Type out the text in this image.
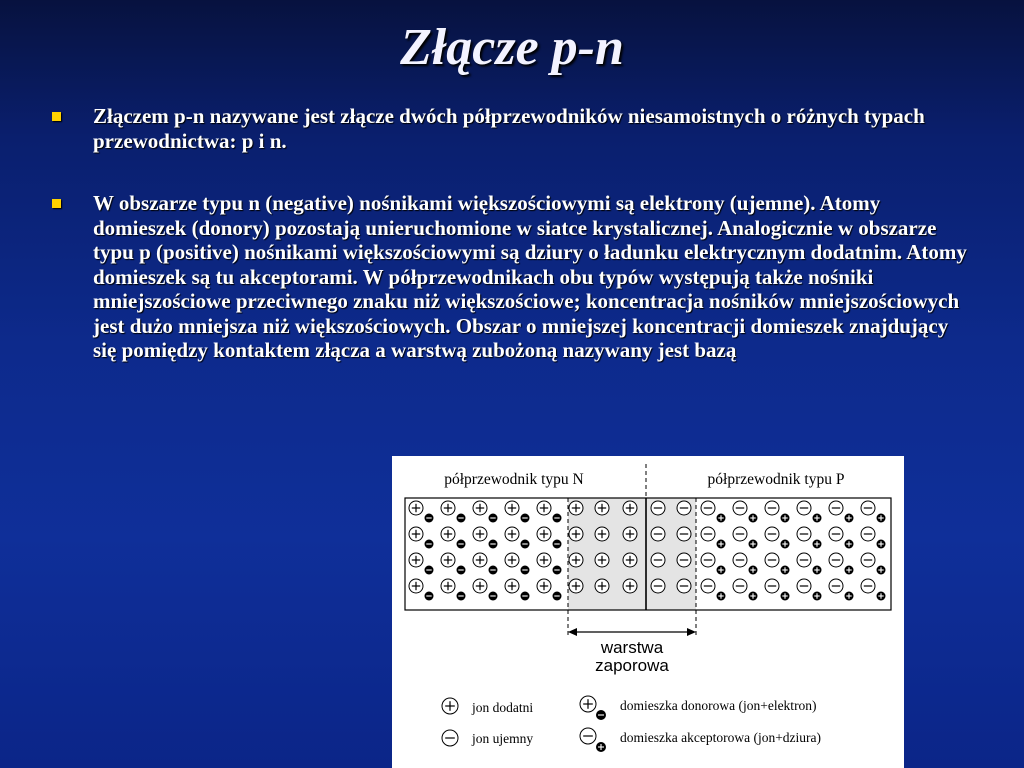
Złącze p-n
Złączem p-n nazywane jest złącze dwóch półprzewodników niesamoistnych o różnych typach przewodnictwa: p i n.
W obszarze typu n (negative) nośnikami większościowymi są elektrony (ujemne). Atomy domieszek (donory) pozostają unieruchomione w siatce krystalicznej. Analogicznie w obszarze typu p (positive) nośnikami większościowymi są dziury o ładunku elektrycznym dodatnim. Atomy domieszek są tu akceptorami. W półprzewodnikach obu typów występują także nośniki mniejszościowe przeciwnego znaku niż większościowe; koncentracja nośników mniejszościowych jest dużo mniejsza niż większościowych. Obszar o mniejszej koncentracji domieszek znajdujący się pomiędzy kontaktem złącza a warstwą zubożoną nazywany jest bazą
półprzewodnik typu N	półprzewodnik typu P
warstwa
zaporowa
jon dodatni
jon ujemny
domieszka donorowa (jon+elektron)
domieszka akceptorowa (jon+dziura)
